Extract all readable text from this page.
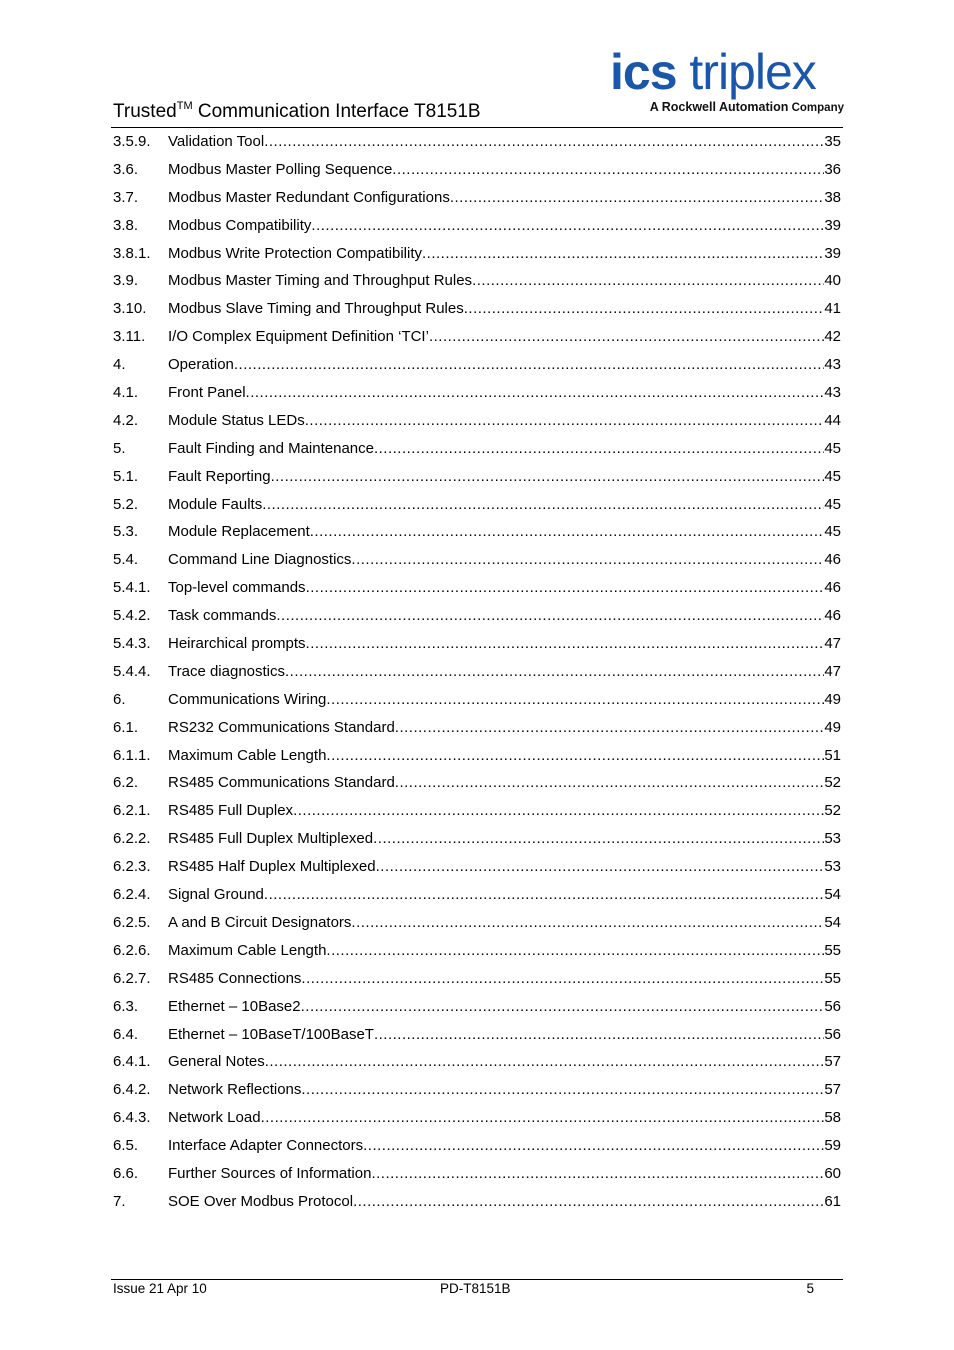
Trusted™ Communication Interface T8151B
ics triplex
A Rockwell Automation Company
3.5.9.	Validation Tool .....	35
3.6.	Modbus Master Polling Sequence .....	36
3.7.	Modbus Master Redundant Configurations .....	38
3.8.	Modbus Compatibility .....	39
3.8.1.	Modbus Write Protection Compatibility .....	39
3.9.	Modbus Master Timing and Throughput Rules .....	40
3.10.	Modbus Slave Timing and Throughput Rules .....	41
3.11.	I/O Complex Equipment Definition ‘TCI’ .....	42
4.	Operation .....	43
4.1.	Front Panel .....	43
4.2.	Module Status LEDs .....	44
5.	Fault Finding and Maintenance .....	45
5.1.	Fault Reporting .....	45
5.2.	Module Faults .....	45
5.3.	Module Replacement .....	45
5.4.	Command Line Diagnostics .....	46
5.4.1.	Top-level commands .....	46
5.4.2.	Task commands .....	46
5.4.3.	Heirarchical prompts .....	47
5.4.4.	Trace diagnostics .....	47
6.	Communications Wiring .....	49
6.1.	RS232 Communications Standard .....	49
6.1.1.	Maximum Cable Length .....	51
6.2.	RS485 Communications Standard .....	52
6.2.1.	RS485 Full Duplex .....	52
6.2.2.	RS485 Full Duplex Multiplexed .....	53
6.2.3.	RS485 Half Duplex Multiplexed .....	53
6.2.4.	Signal Ground .....	54
6.2.5.	A and B Circuit Designators .....	54
6.2.6.	Maximum Cable Length .....	55
6.2.7.	RS485 Connections .....	55
6.3.	Ethernet – 10Base2 .....	56
6.4.	Ethernet – 10BaseT/100BaseT .....	56
6.4.1.	General Notes .....	57
6.4.2.	Network Reflections .....	57
6.4.3.	Network Load .....	58
6.5.	Interface Adapter Connectors .....	59
6.6.	Further Sources of Information .....	60
7.	SOE Over Modbus Protocol .....	61
Issue 21 Apr 10	PD-T8151B	5
